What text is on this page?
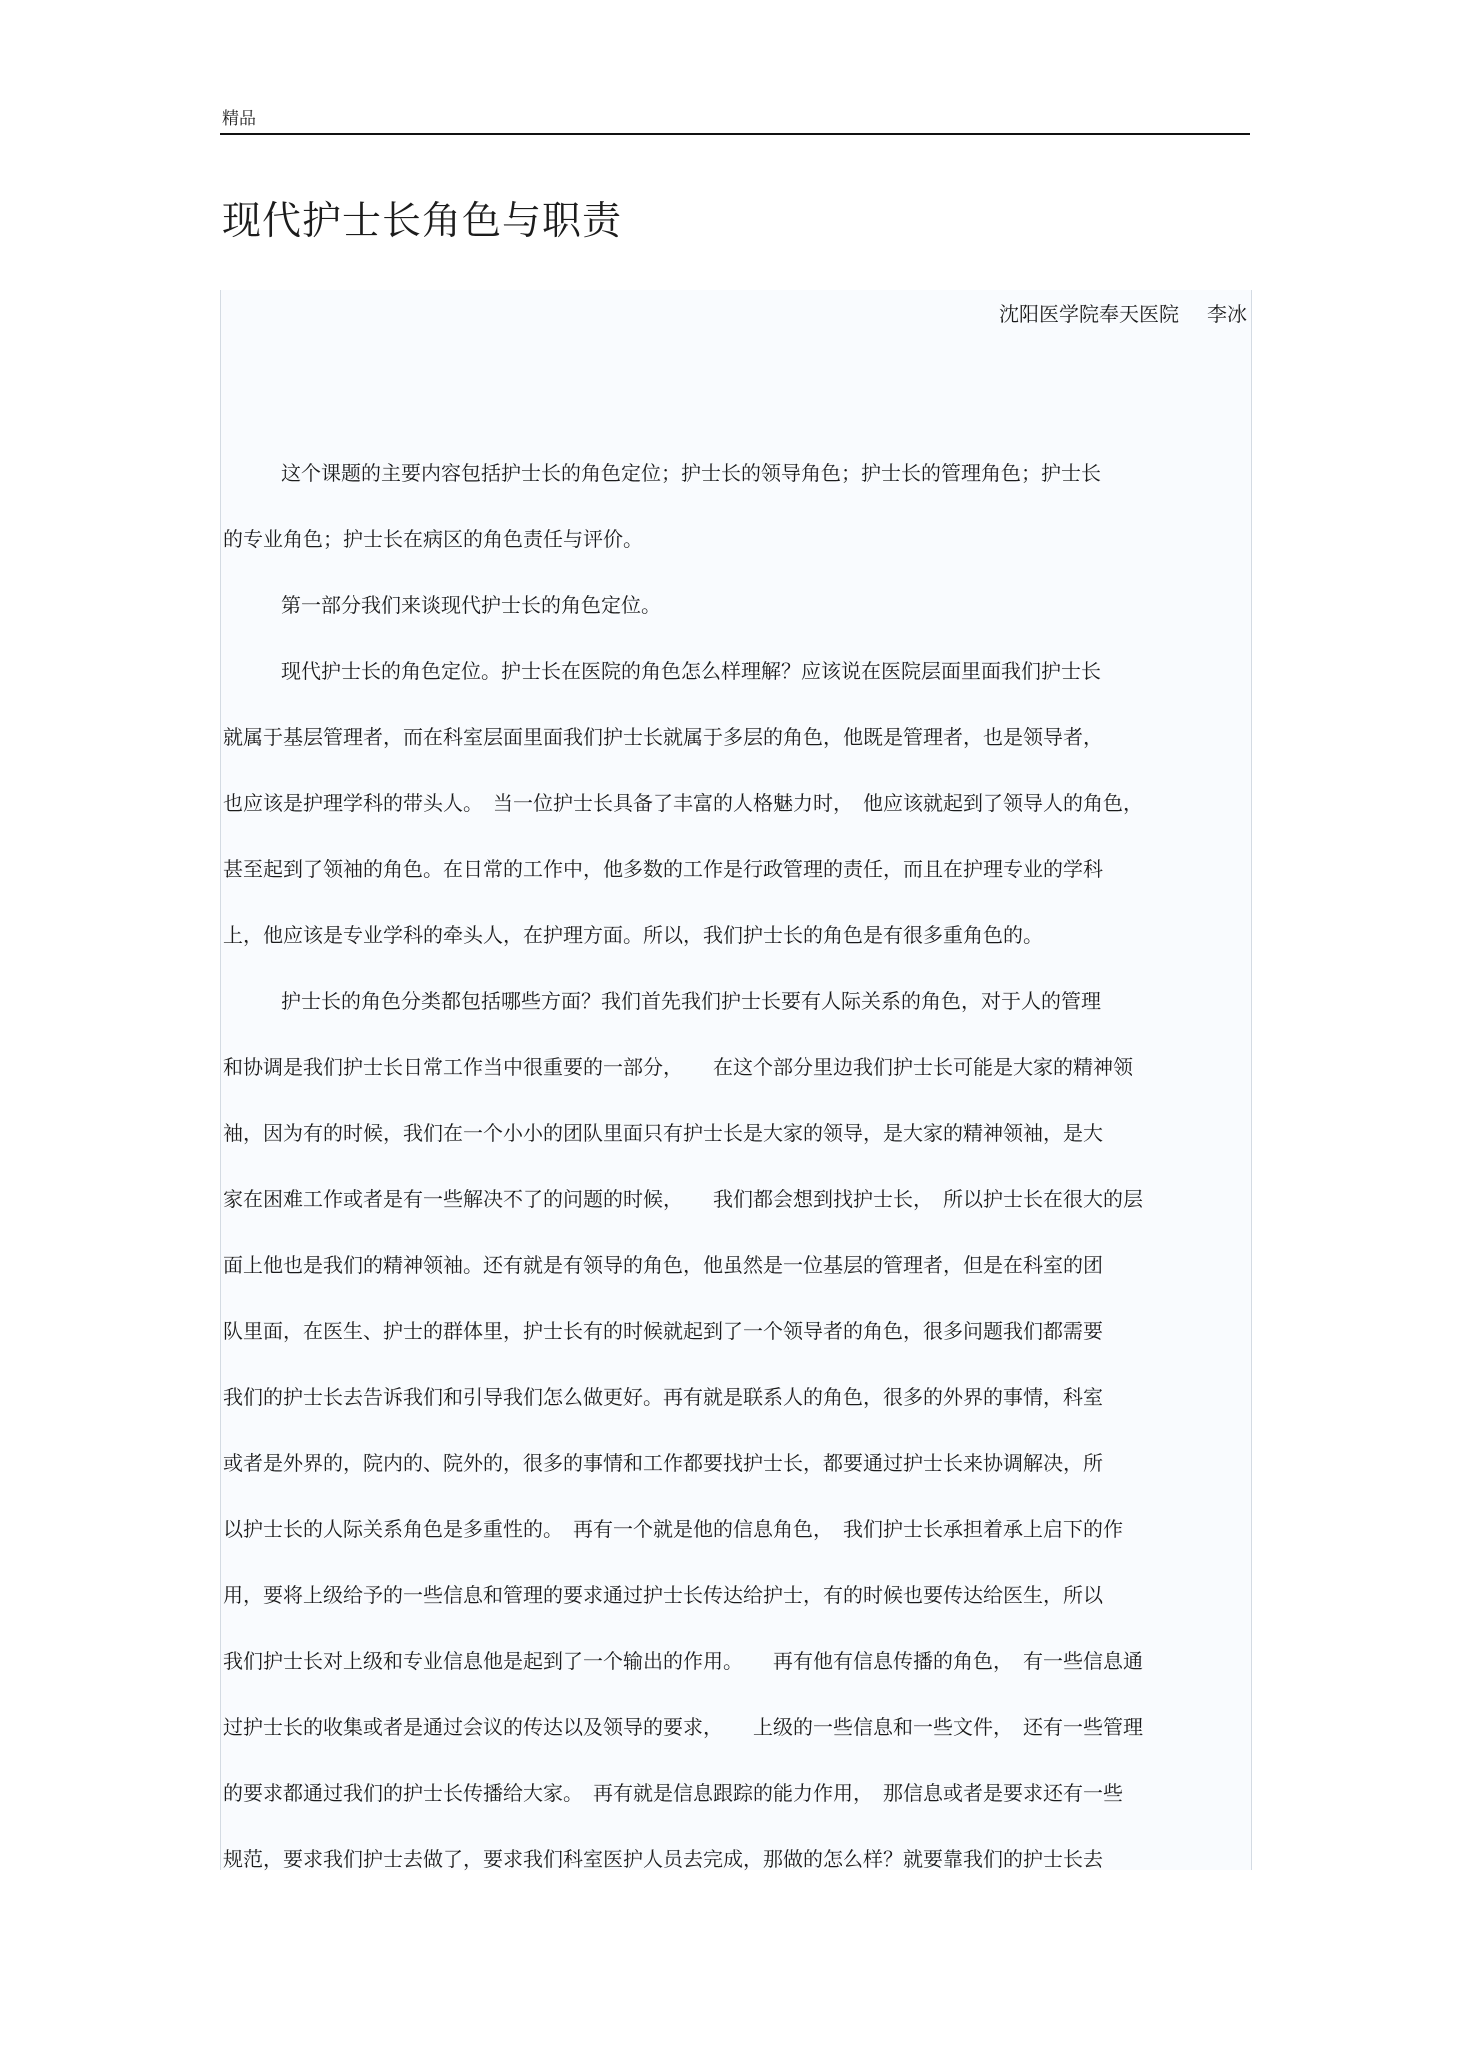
精品
现代护士长角色与职责
沈阳医学院奉天医院 李冰
这个课题的主要内容包括护士长的角色定位；护士长的领导角色；护士长的管理角色；护士长
的专业角色；护士长在病区的角色责任与评价。
第一部分我们来谈现代护士长的角色定位。
现代护士长的角色定位。护士长在医院的角色怎么样理解？应该说在医院层面里面我们护士长
就属于基层管理者，而在科室层面里面我们护士长就属于多层的角色，他既是管理者，也是领导者，
也应该是护理学科的带头人。　当一位护士长具备了丰富的人格魅力时，　他应该就起到了领导人的角色，
甚至起到了领袖的角色。在日常的工作中，他多数的工作是行政管理的责任，而且在护理专业的学科
上，他应该是专业学科的牵头人，在护理方面。所以，我们护士长的角色是有很多重角色的。
护士长的角色分类都包括哪些方面？我们首先我们护士长要有人际关系的角色，对于人的管理
和协调是我们护士长日常工作当中很重要的一部分，　　在这个部分里边我们护士长可能是大家的精神领
袖，因为有的时候，我们在一个小小的团队里面只有护士长是大家的领导，是大家的精神领袖，是大
家在困难工作或者是有一些解决不了的问题的时候，　　我们都会想到找护士长，　所以护士长在很大的层
面上他也是我们的精神领袖。还有就是有领导的角色，他虽然是一位基层的管理者，但是在科室的团
队里面，在医生、护士的群体里，护士长有的时候就起到了一个领导者的角色，很多问题我们都需要
我们的护士长去告诉我们和引导我们怎么做更好。再有就是联系人的角色，很多的外界的事情，科室
或者是外界的，院内的、院外的，很多的事情和工作都要找护士长，都要通过护士长来协调解决，所
以护士长的人际关系角色是多重性的。　再有一个就是他的信息角色，　我们护士长承担着承上启下的作
用，要将上级给予的一些信息和管理的要求通过护士长传达给护士，有的时候也要传达给医生，所以
我们护士长对上级和专业信息他是起到了一个输出的作用。　　再有他有信息传播的角色，　有一些信息通
过护士长的收集或者是通过会议的传达以及领导的要求，　　上级的一些信息和一些文件，　还有一些管理
的要求都通过我们的护士长传播给大家。　再有就是信息跟踪的能力作用，　那信息或者是要求还有一些
规范，要求我们护士去做了，要求我们科室医护人员去完成，那做的怎么样？就要靠我们的护士长去
